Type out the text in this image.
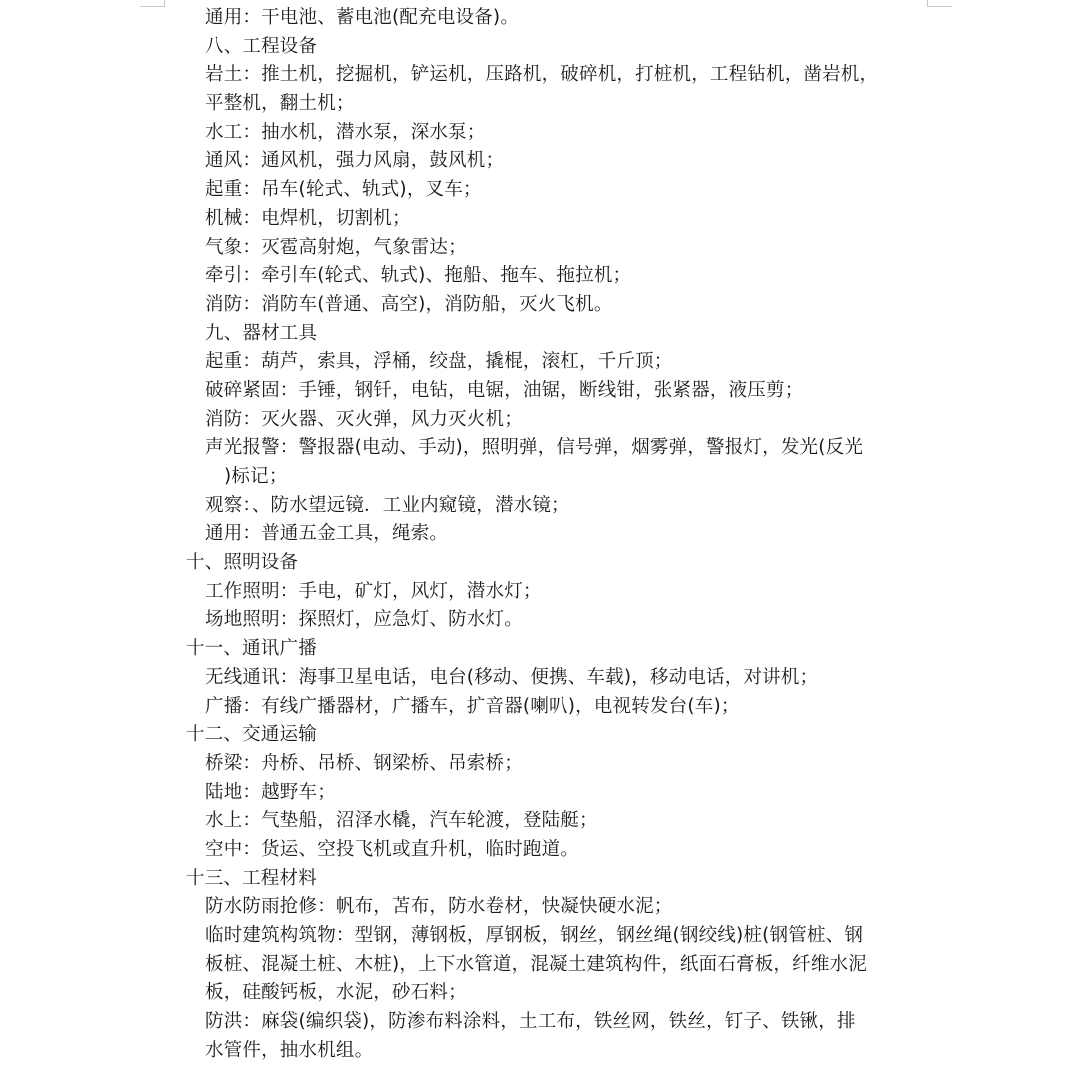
通用：干电池、蓄电池(配充电设备)。
八、工程设备
岩土：推土机，挖掘机，铲运机，压路机，破碎机，打桩机，工程钻机，凿岩机，
平整机，翻土机；
水工：抽水机，潜水泵，深水泵；
通风：通风机，强力风扇，鼓风机；
起重：吊车(轮式、轨式)，叉车；
机械：电焊机，切割机；
气象：灭雹高射炮，气象雷达；
牵引：牵引车(轮式、轨式)、拖船、拖车、拖拉机；
消防：消防车(普通、高空)，消防船，灭火飞机。
九、器材工具
起重：葫芦，索具，浮桶，绞盘，撬棍，滚杠，千斤顶；
破碎紧固：手锤，钢钎，电钻，电锯，油锯，断线钳，张紧器，液压剪；
消防：灭火器、灭火弹，风力灭火机；
声光报警：警报器(电动、手动)，照明弹，信号弹，烟雾弹，警报灯，发光(反光
)标记；
观察：、防水望远镜．工业内窥镜，潜水镜；
通用：普通五金工具，绳索。
十、照明设备
工作照明：手电，矿灯，风灯，潜水灯；
场地照明：探照灯，应急灯、防水灯。
十一、通讯广播
无线通讯：海事卫星电话，电台(移动、便携、车载)，移动电话，对讲机；
广播：有线广播器材，广播车，扩音器(喇叭)，电视转发台(车)；
十二、交通运输
桥梁：舟桥、吊桥、钢梁桥、吊索桥；
陆地：越野车；
水上：气垫船，沼泽水橇，汽车轮渡，登陆艇；
空中：货运、空投飞机或直升机，临时跑道。
十三、工程材料
防水防雨抢修：帆布，苫布，防水卷材，快凝快硬水泥；
临时建筑构筑物：型钢，薄钢板，厚钢板，钢丝，钢丝绳(钢绞线)桩(钢管桩、钢
板桩、混凝土桩、木桩)，上下水管道，混凝土建筑构件，纸面石膏板，纤维水泥
板，硅酸钙板，水泥，砂石料；
防洪：麻袋(编织袋)，防渗布料涂料，土工布，铁丝网，铁丝，钉子、铁锹，排
水管件，抽水机组。
